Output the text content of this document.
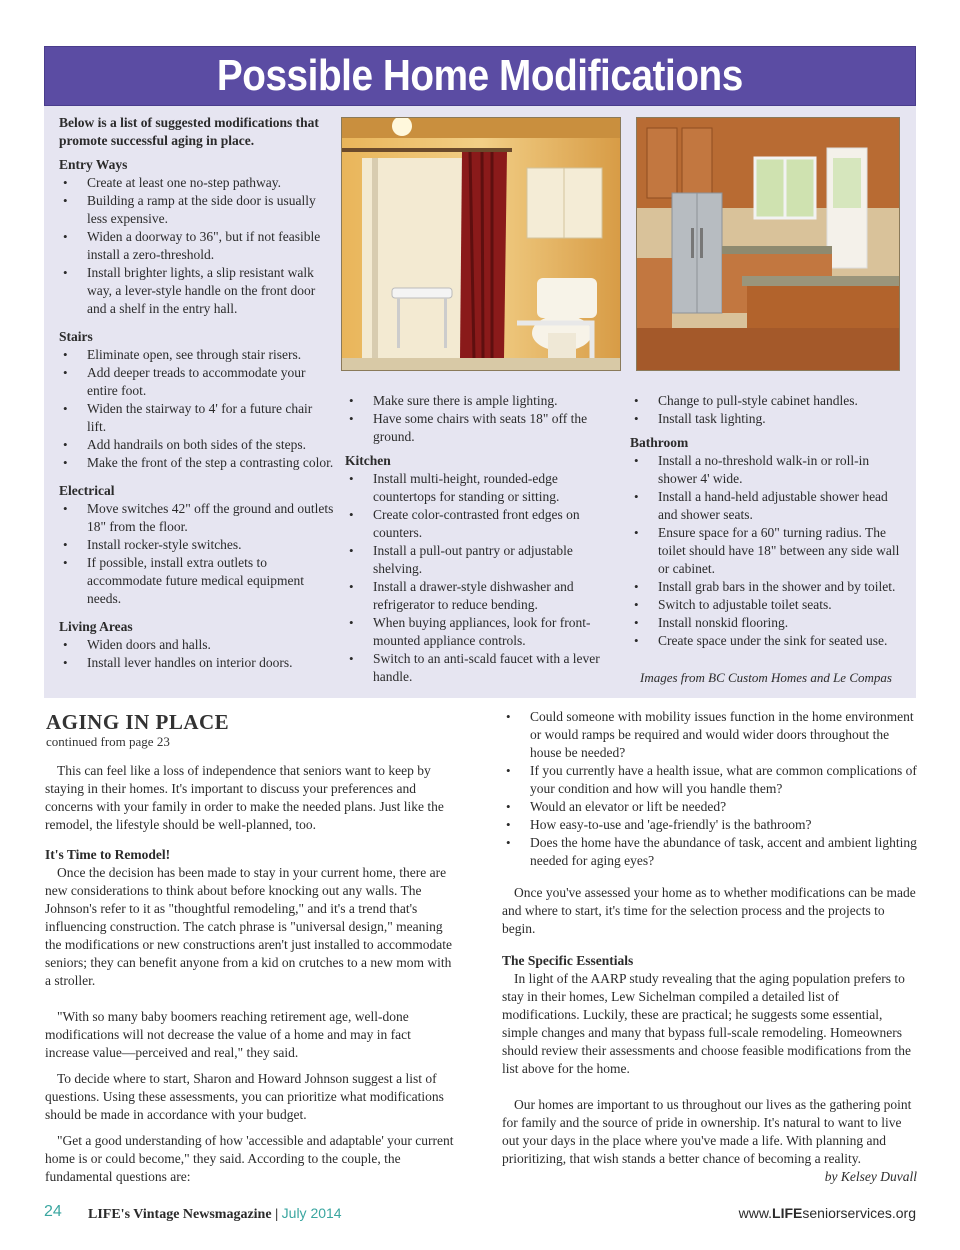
Possible Home Modifications
Below is a list of suggested modifications that promote successful aging in place.
Entry Ways
• Create at least one no-step pathway.
• Building a ramp at the side door is usually less expensive.
• Widen a doorway to 36", but if not feasible install a zero-threshold.
• Install brighter lights, a slip resistant walk way, a lever-style handle on the front door and a shelf in the entry hall.
Stairs
• Eliminate open, see through stair risers.
• Add deeper treads to accommodate your entire foot.
• Widen the stairway to 4' for a future chair lift.
• Add handrails on both sides of the steps.
• Make the front of the step a contrasting color.
Electrical
• Move switches 42" off the ground and outlets 18" from the floor.
• Install rocker-style switches.
• If possible, install extra outlets to accommodate future medical equipment needs.
Living Areas
• Widen doors and halls.
• Install lever handles on interior doors.
• Make sure there is ample lighting.
• Have some chairs with seats 18" off the ground.
Kitchen
• Install multi-height, rounded-edge countertops for standing or sitting.
• Create color-contrasted front edges on counters.
• Install a pull-out pantry or adjustable shelving.
• Install a drawer-style dishwasher and refrigerator to reduce bending.
• When buying appliances, look for front-mounted appliance controls.
• Switch to an anti-scald faucet with a lever handle.
• Change to pull-style cabinet handles.
• Install task lighting.
Bathroom
• Install a no-threshold walk-in or roll-in shower 4' wide.
• Install a hand-held adjustable shower head and shower seats.
• Ensure space for a 60" turning radius. The toilet should have 18" between any side wall or cabinet.
• Install grab bars in the shower and by toilet.
• Switch to adjustable toilet seats.
• Install nonskid flooring.
• Create space under the sink for seated use.
Images from BC Custom Homes and Le Compas
AGING IN PLACE
continued from page 23

This can feel like a loss of independence that seniors want to keep by staying in their homes. It's important to discuss your preferences and concerns with your family in order to make the needed plans. Just like the remodel, the lifestyle should be well-planned, too.

It's Time to Remodel!

Once the decision has been made to stay in your current home, there are new considerations to think about before knocking out any walls. The Johnson's refer to it as "thoughtful remodeling," and it's a trend that's influencing construction. The catch phrase is "universal design," meaning the modifications or new constructions aren't just installed to accommodate seniors; they can benefit anyone from a kid on crutches to a new mom with a stroller.

"With so many baby boomers reaching retirement age, well-done modifications will not decrease the value of a home and may in fact increase value—perceived and real," they said.

To decide where to start, Sharon and Howard Johnson suggest a list of questions. Using these assessments, you can prioritize what modifications should be made in accordance with your budget.

"Get a good understanding of how 'accessible and adaptable' your current home is or could become," they said. According to the couple, the fundamental questions are:

• Could someone with mobility issues function in the home environment or would ramps be required and would wider doors throughout the house be needed?
• If you currently have a health issue, what are common complications of your condition and how will you handle them?
• Would an elevator or lift be needed?
• How easy-to-use and 'age-friendly' is the bathroom?
• Does the home have the abundance of task, accent and ambient lighting needed for aging eyes?

Once you've assessed your home as to whether modifications can be made and where to start, it's time for the selection process and the projects to begin.

The Specific Essentials

In light of the AARP study revealing that the aging population prefers to stay in their homes, Lew Sichelman compiled a detailed list of modifications. Luckily, these are practical; he suggests some essential, simple changes and many that bypass full-scale remodeling. Homeowners should review their assessments and choose feasible modifications from the list above for the home.

Our homes are important to us throughout our lives as the gathering point for family and the source of pride in ownership. It's natural to want to live out your days in the place where you've made a life. With planning and prioritizing, that wish stands a better chance of becoming a reality.

by Kelsey Duvall
24 LIFE's Vintage Newsmagazine | July 2014	www.LIFEseniorservices.org
